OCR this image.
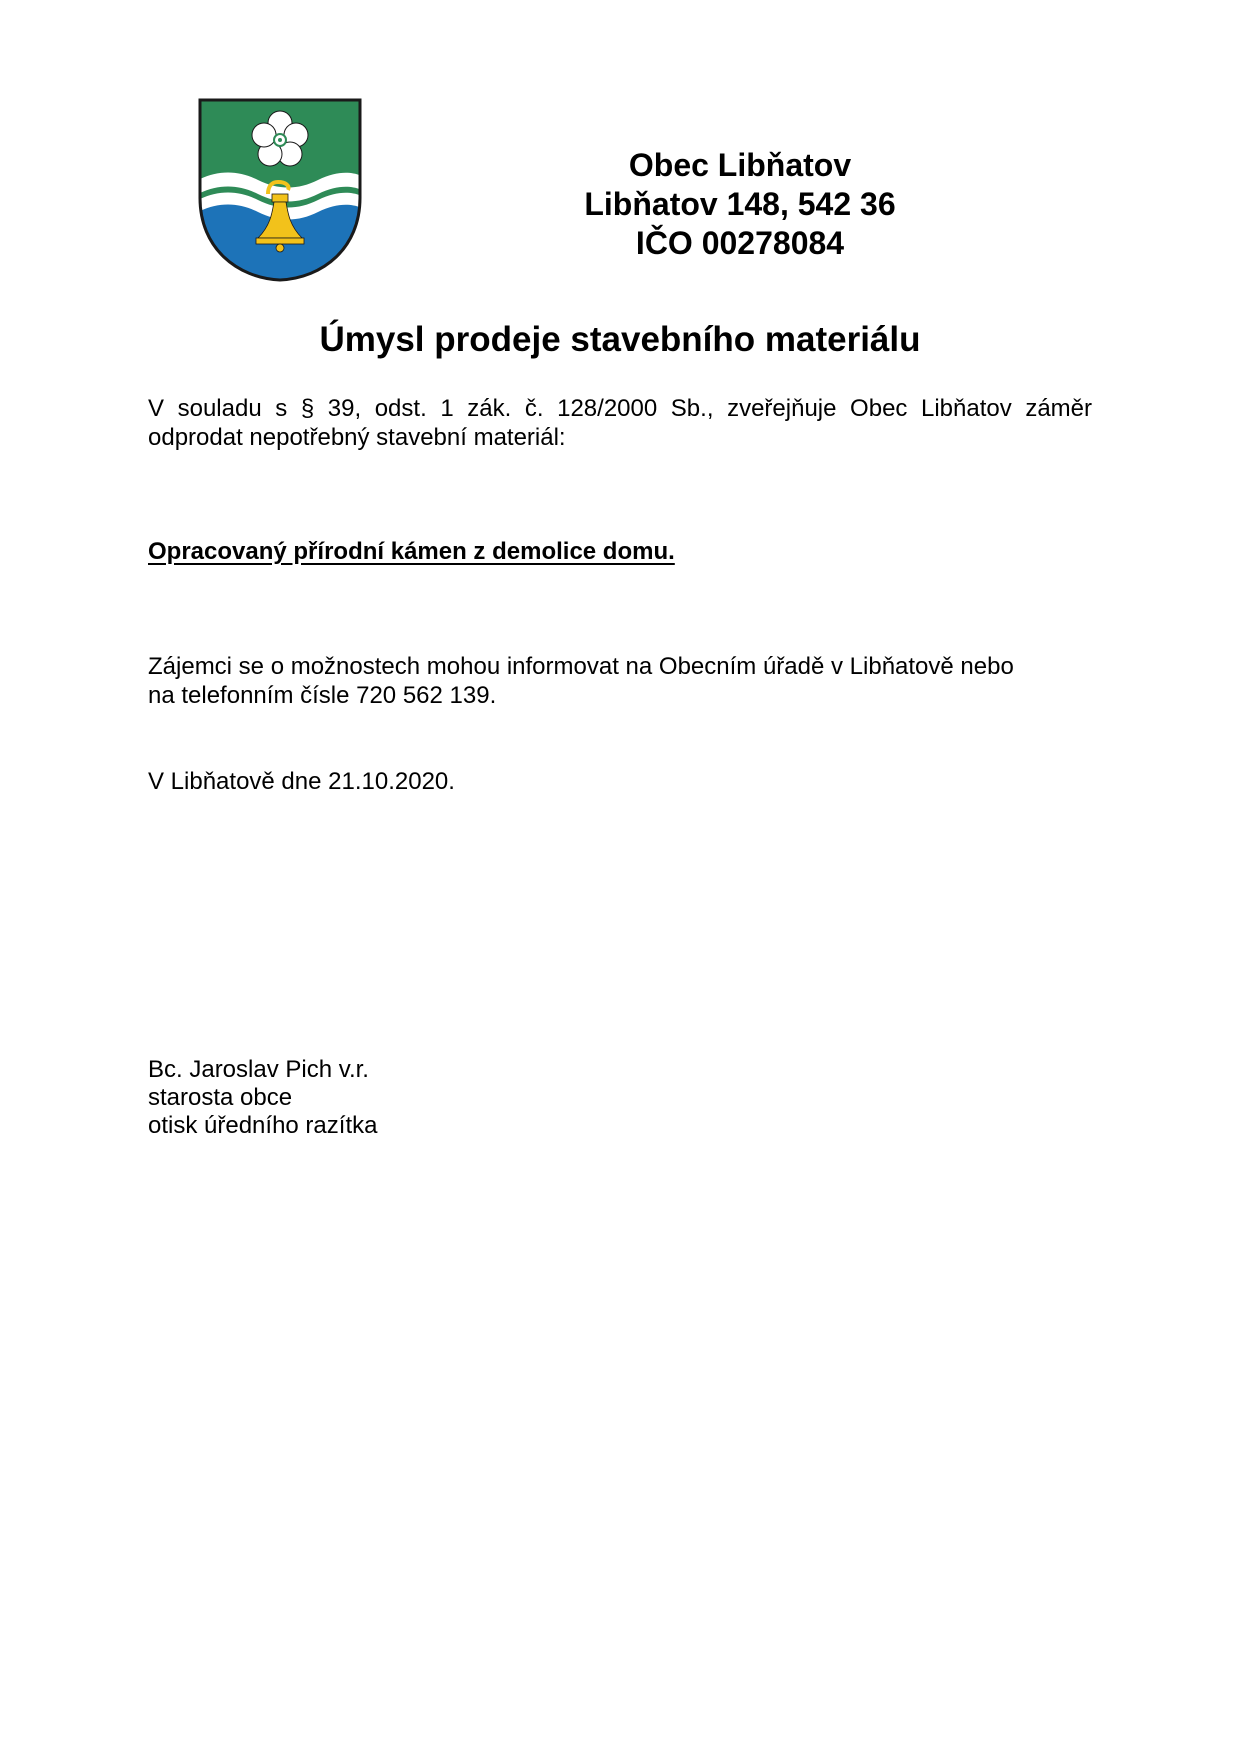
Obec Libňatov
Libňatov 148, 542 36
IČO 00278084
Úmysl prodeje stavebního materiálu
V souladu s § 39, odst. 1 zák. č. 128/2000 Sb., zveřejňuje Obec Libňatov záměr
odprodat nepotřebný stavební materiál:
Opracovaný přírodní kámen z demolice domu.
Zájemci se o možnostech mohou informovat na Obecním úřadě v Libňatově nebo
na telefonním čísle 720 562 139.
V Libňatově dne 21.10.2020.
Bc. Jaroslav Pich v.r.
starosta obce
otisk úředního razítka
